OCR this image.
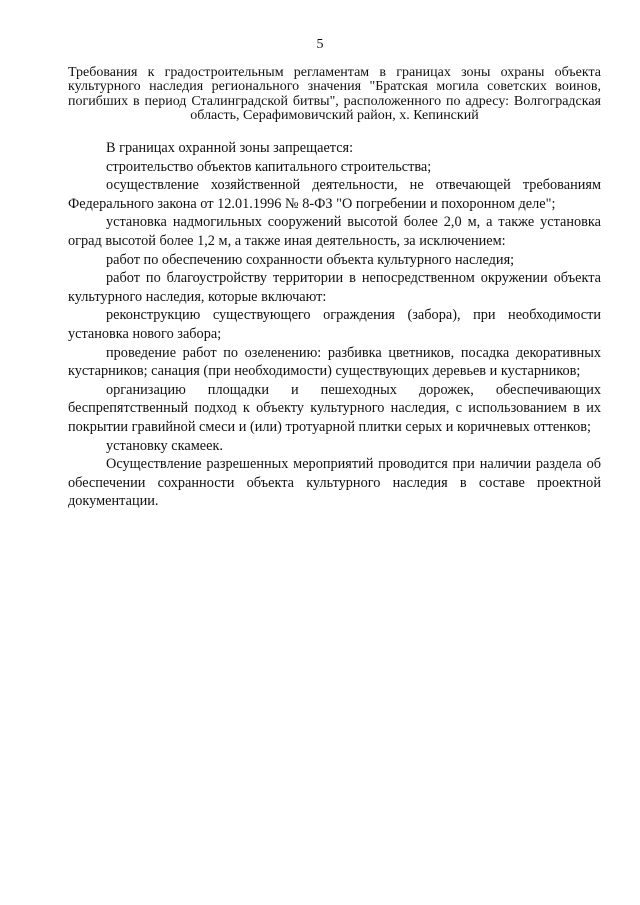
5
Требования к градостроительным регламентам в границах зоны охраны объекта культурного наследия регионального значения "Братская могила советских воинов, погибших в период Сталинградской битвы", расположенного по адресу: Волгоградская область, Серафимовичский район, х. Кепинский

В границах охранной зоны запрещается:

строительство объектов капитального строительства;

осуществление хозяйственной деятельности, не отвечающей требованиям Федерального закона от 12.01.1996 № 8-ФЗ "О погребении и похоронном деле";

установка надмогильных сооружений высотой более 2,0 м, а также установка оград высотой более 1,2 м, а также иная деятельность, за исключением:

работ по обеспечению сохранности объекта культурного наследия;

работ по благоустройству территории в непосредственном окружении объекта культурного наследия, которые включают:

реконструкцию существующего ограждения (забора), при необходимости установка нового забора;

проведение работ по озеленению: разбивка цветников, посадка декоративных кустарников; санация (при необходимости) существующих деревьев и кустарников;

организацию площадки и пешеходных дорожек, обеспечивающих беспрепятственный подход к объекту культурного наследия, с использованием в их покрытии гравийной смеси и (или) тротуарной плитки серых и коричневых оттенков;

установку скамеек.

Осуществление разрешенных мероприятий проводится при наличии раздела об обеспечении сохранности объекта культурного наследия в составе проектной документации.
